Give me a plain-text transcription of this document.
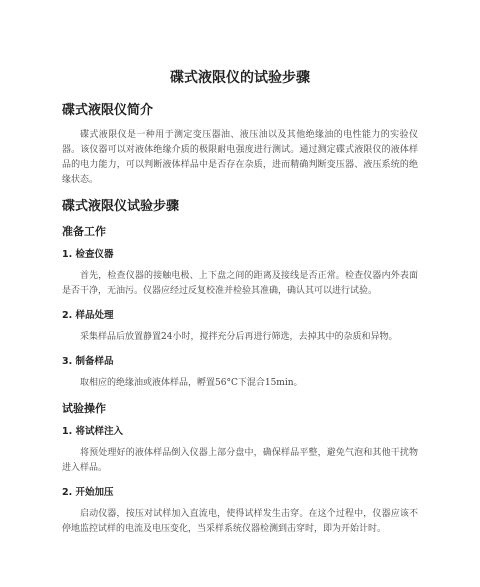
碟式液限仪的试验步骤
碟式液限仪简介

碟式液限仪是一种用于测定变压器油、液压油以及其他绝缘油的电性能力的实验仪器。该仪器可以对液体绝缘介质的极限耐电强度进行测试。通过测定碟式液限仪的液体样品的电力能力，可以判断液体样品中是否存在杂质，进而精确判断变压器、液压系统的绝缘状态。

碟式液限仪试验步骤
准备工作
1. 检查仪器

首先，检查仪器的接触电极、上下盘之间的距离及接线是否正常。检查仪器内外表面是否干净，无油污。仪器应经过反复校准并检验其准确，确认其可以进行试验。

2. 样品处理

采集样品后放置静置24小时，搅拌充分后再进行筛选，去掉其中的杂质和异物。

3. 制备样品

取相应的绝缘油或液体样品，孵置56°C下混合15min。

试验操作
1. 将试样注入

将预处理好的液体样品倒入仪器上部分盘中，确保样品平整，避免气泡和其他干扰物进入样品。

2. 开始加压

启动仪器，按压对试样加入直流电，使得试样发生击穿。在这个过程中，仪器应该不停地监控试样的电流及电压变化，当采样系统仪器检测到击穿时，即为开始计时。
